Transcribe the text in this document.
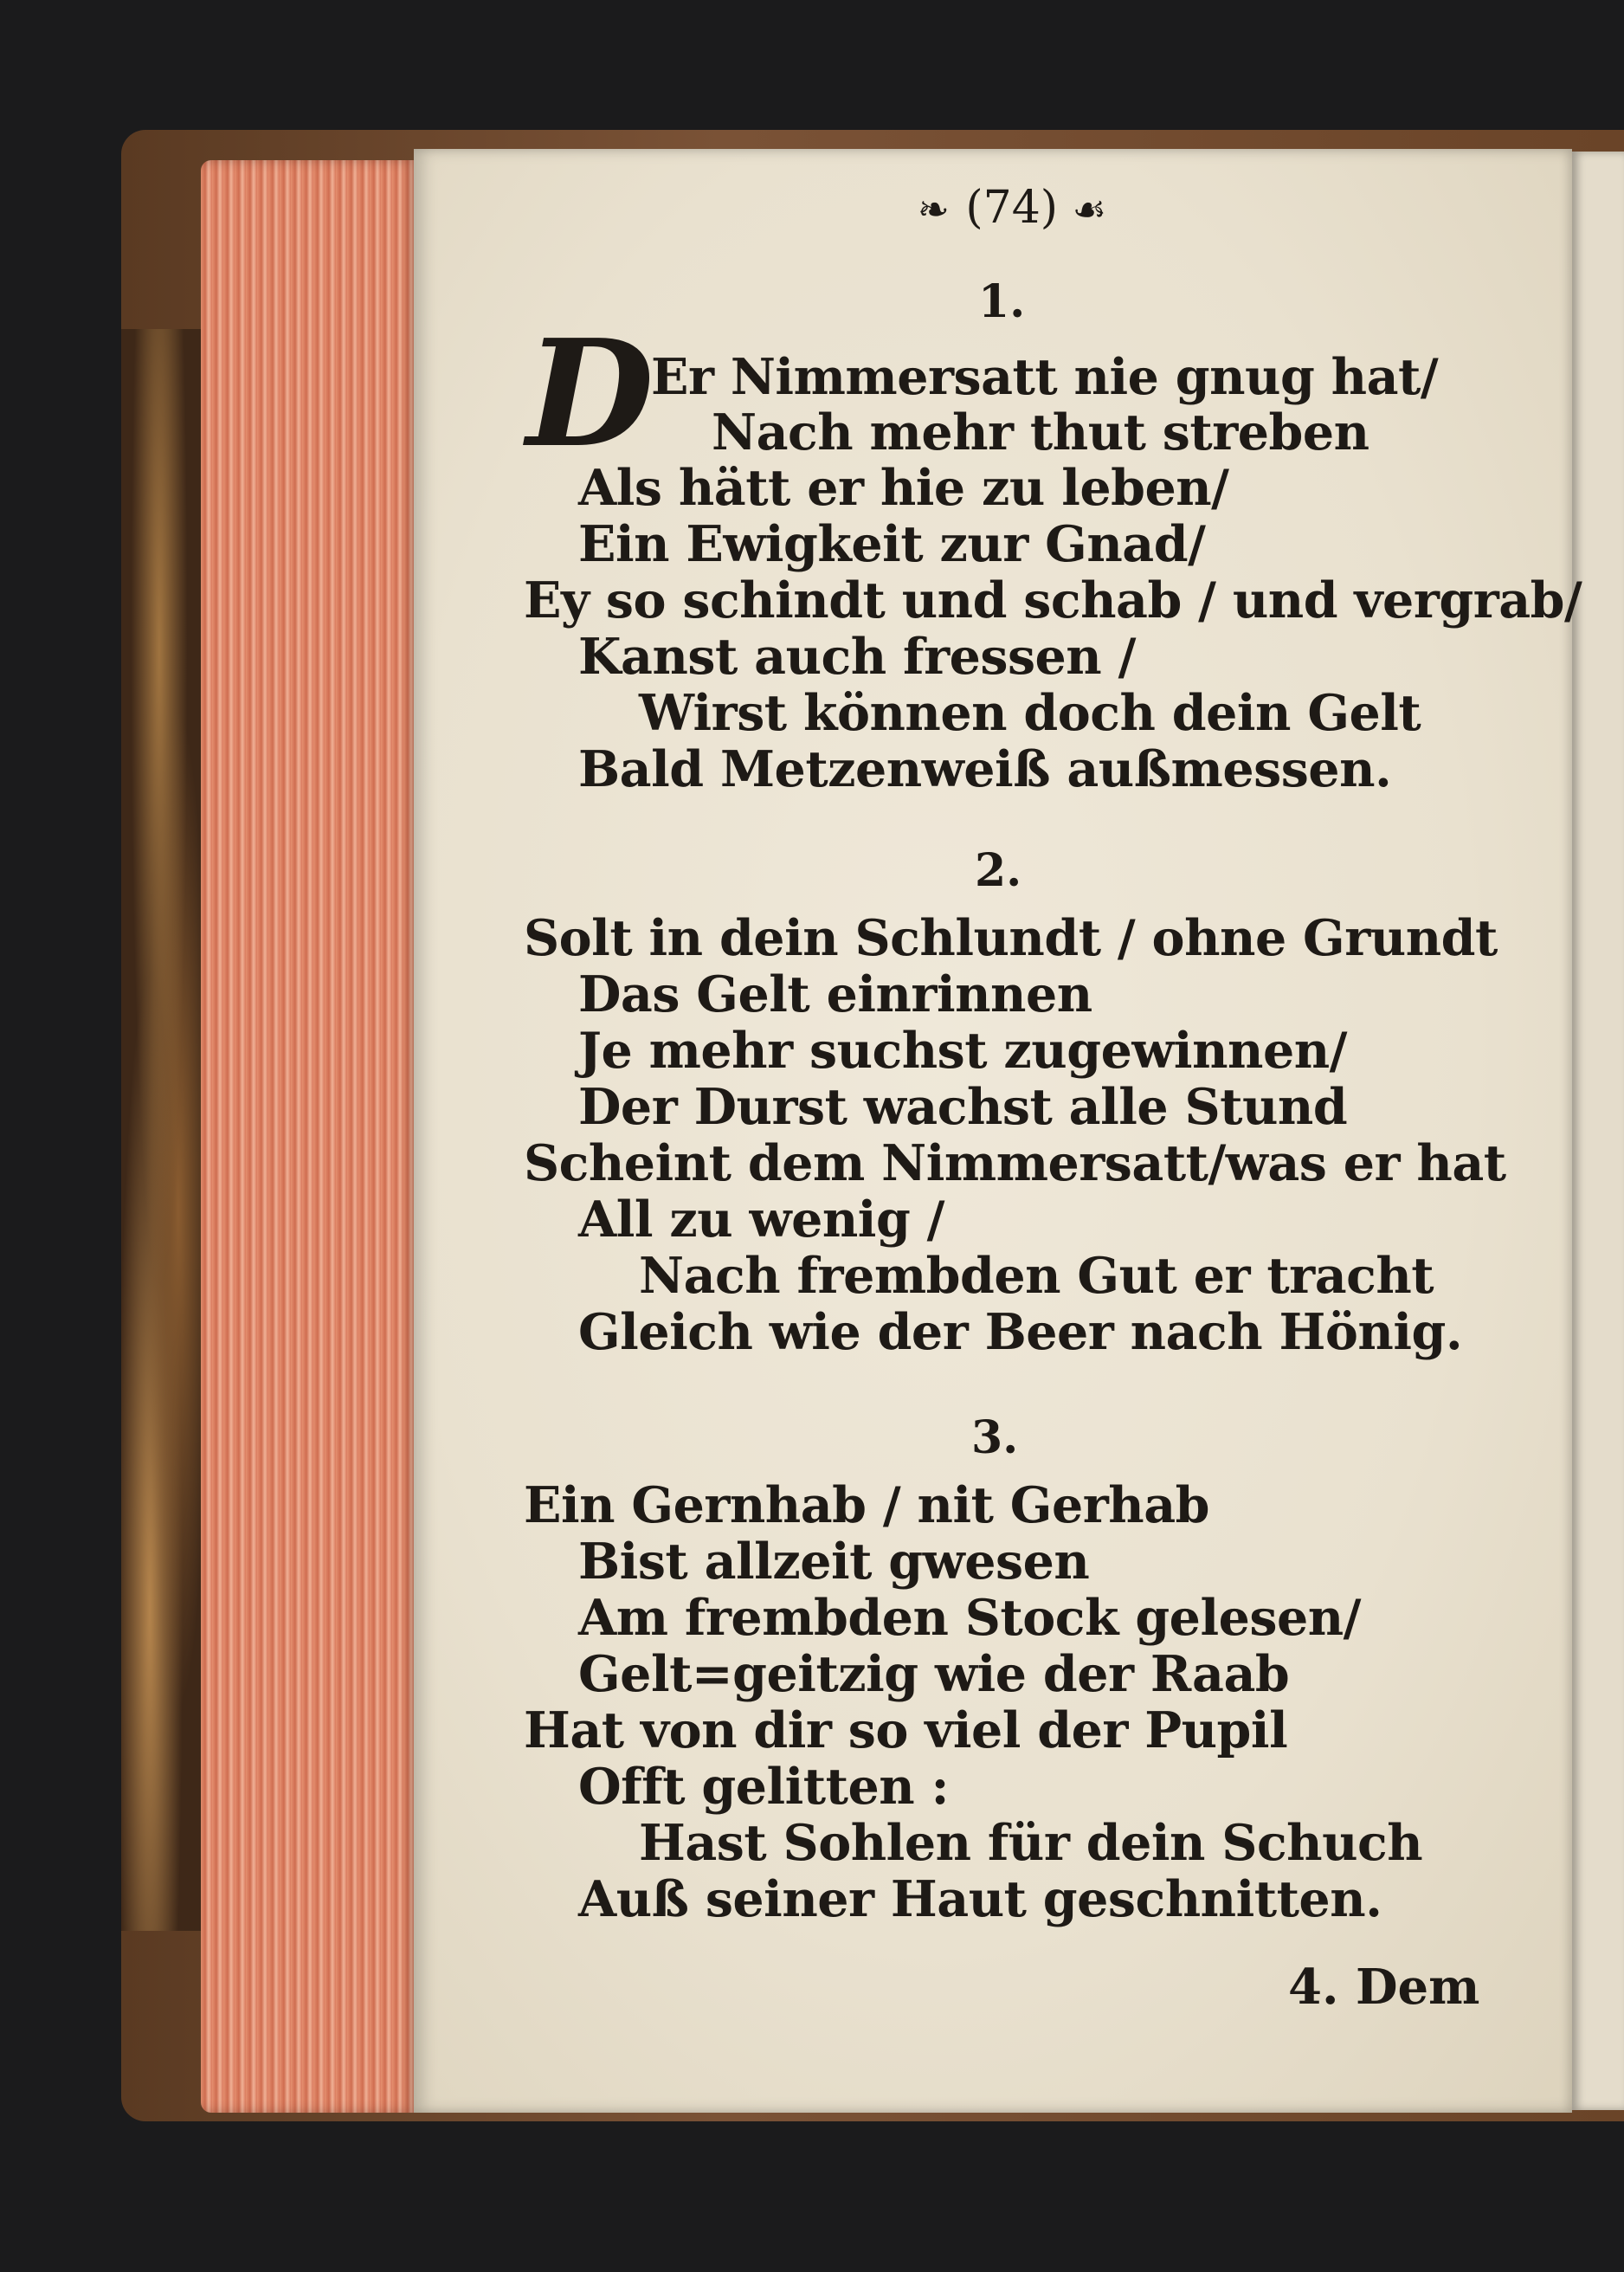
❧ (74) ☙
1.
D
Er Nimmersatt nie gnug hat/
Nach mehr thut streben
Als hätt er hie zu leben/
Ein Ewigkeit zur Gnad/
Ey so schindt und schab / und vergrab/
Kanst auch fressen /
Wirst können doch dein Gelt
Bald Metzenweiß außmessen.
2.
Solt in dein Schlundt / ohne Grundt
Das Gelt einrinnen
Je mehr suchst zugewinnen/
Der Durst wachst alle Stund
Scheint dem Nimmersatt/was er hat
All zu wenig /
Nach frembden Gut er tracht
Gleich wie der Beer nach Hönig.
3.
Ein Gernhab / nit Gerhab
Bist allzeit gwesen
Am frembden Stock gelesen/
Gelt=geitzig wie der Raab
Hat von dir so viel der Pupil
Offt gelitten :
Hast Sohlen für dein Schuch
Auß seiner Haut geschnitten.
4. Dem
